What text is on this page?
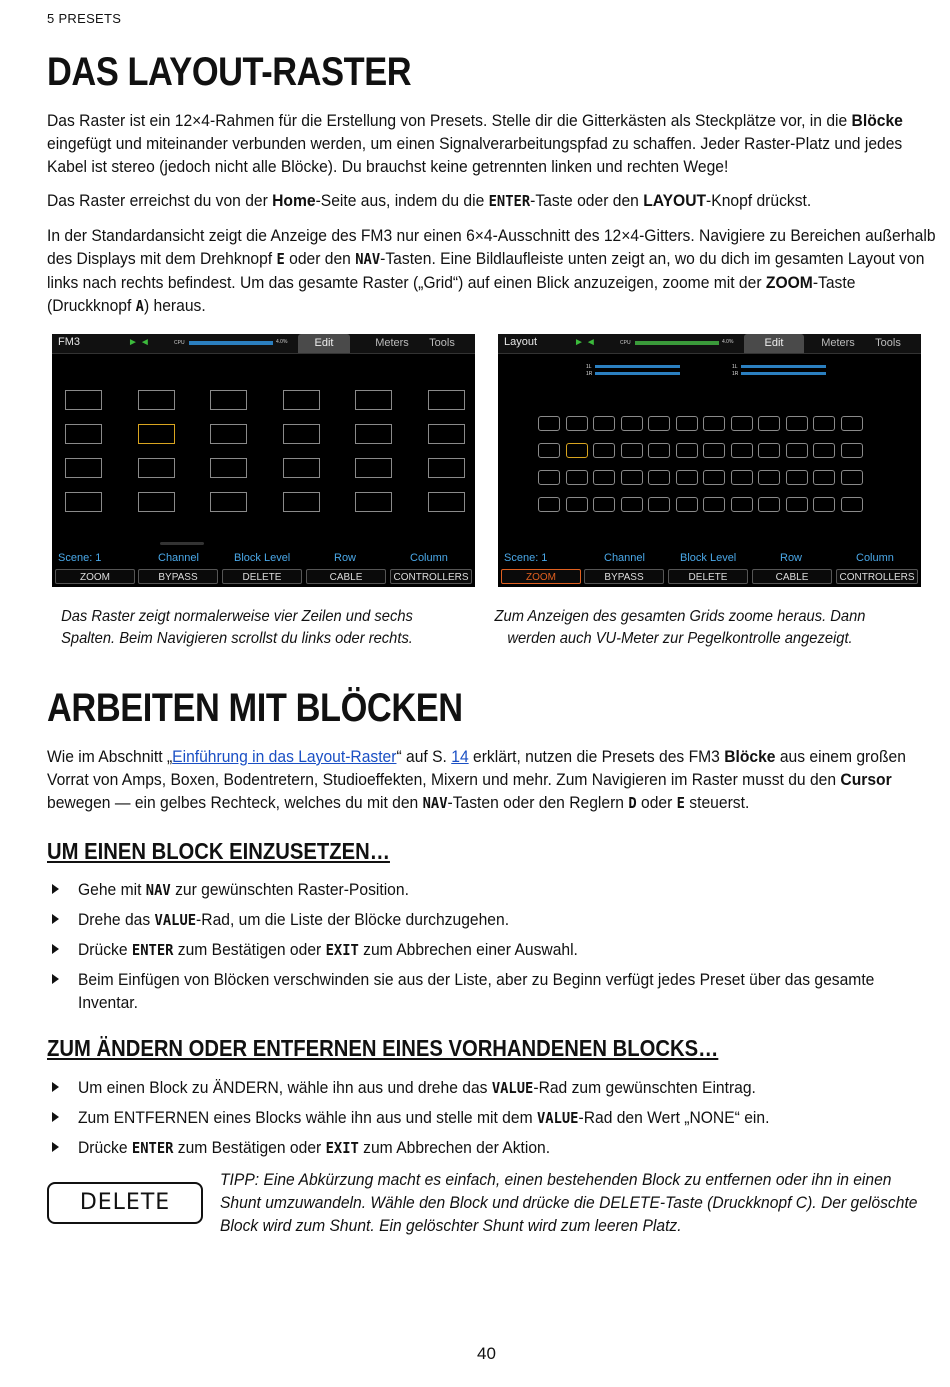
5 PRESETS
DAS LAYOUT-RASTER

Das Raster ist ein 12×4-Rahmen für die Erstellung von Presets. Stelle dir die Gitterkästen als Steckplätze vor, in die Blöcke eingefügt und miteinander verbunden werden, um einen Signalverarbeitungspfad zu schaffen. Jeder Raster-Platz und jedes Kabel ist stereo (jedoch nicht alle Blöcke). Du brauchst keine getrennten linken und rechten Wege!

Das Raster erreichst du von der Home-Seite aus, indem du die ENTER-Taste oder den LAYOUT-Knopf drückst.

In der Standardansicht zeigt die Anzeige des FM3 nur einen 6×4-Ausschnitt des 12×4-Gitters. Navigiere zu Bereichen außerhalb des Displays mit dem Drehknopf E oder den NAV-Tasten. Eine Bildlaufleiste unten zeigt an, wo du dich im gesamten Layout von links nach rechts befindest. Um das gesamte Raster („Grid“) auf einen Blick anzuzeigen, zoome mit der ZOOM-Taste (Druckknopf A) heraus.

FM3	►◄	CPU	4.0%	Edit	Meters	Tools
Scene: 1	Channel	Block Level	Row	Column
ZOOM	BYPASS	DELETE	CABLE	CONTROLLERS
Layout	►◄	CPU	4.0%	Edit	Meters	Tools
1L
1R
1L
1R
Scene: 1	Channel	Block Level	Row	Column
ZOOM	BYPASS	DELETE	CABLE	CONTROLLERS
Das Raster zeigt normalerweise vier Zeilen und sechs Spalten. Beim Navigieren scrollst du links oder rechts.
Zum Anzeigen des gesamten Grids zoome heraus. Dann werden auch VU-Meter zur Pegelkontrolle angezeigt.
ARBEITEN MIT BLÖCKEN

Wie im Abschnitt „Einführung in das Layout-Raster“ auf S. 14 erklärt, nutzen die Presets des FM3 Blöcke aus einem großen Vorrat von Amps, Boxen, Bodentretern, Studioeffekten, Mixern und mehr. Zum Navigieren im Raster musst du den Cursor bewegen — ein gelbes Rechteck, welches du mit den NAV-Tasten oder den Reglern D oder E steuerst.

UM EINEN BLOCK EINZUSETZEN…
Gehe mit NAV zur gewünschten Raster-Position.
Drehe das VALUE-Rad, um die Liste der Blöcke durchzugehen.
Drücke ENTER zum Bestätigen oder EXIT zum Abbrechen einer Auswahl.
Beim Einfügen von Blöcken verschwinden sie aus der Liste, aber zu Beginn verfügt jedes Preset über das gesamte Inventar.
ZUM ÄNDERN ODER ENTFERNEN EINES VORHANDENEN BLOCKS…
Um einen Block zu ÄNDERN, wähle ihn aus und drehe das VALUE-Rad zum gewünschten Eintrag.
Zum ENTFERNEN eines Blocks wähle ihn aus und stelle mit dem VALUE-Rad den Wert „NONE“ ein.
Drücke ENTER zum Bestätigen oder EXIT zum Abbrechen der Aktion.
DELETE
TIPP: Eine Abkürzung macht es einfach, einen bestehenden Block zu entfernen oder ihn in einen Shunt umzuwandeln. Wähle den Block und drücke die DELETE-Taste (Druckknopf C). Der gelöschte Block wird zum Shunt. Ein gelöschter Shunt wird zum leeren Platz.
40
